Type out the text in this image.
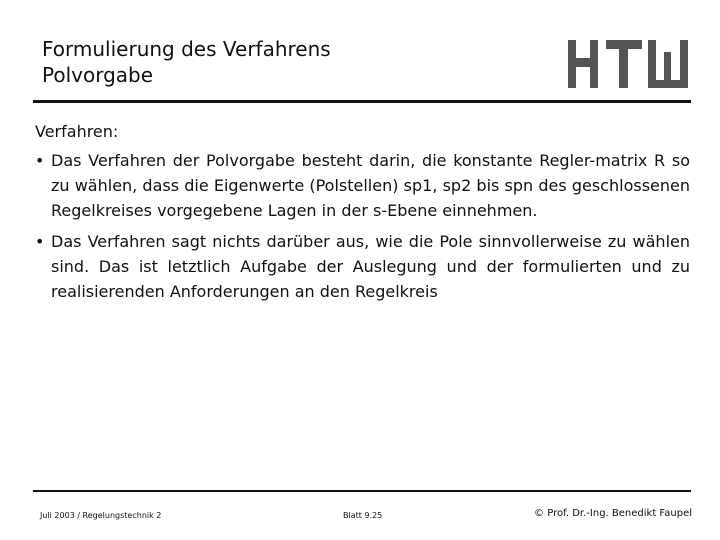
Formulierung des Verfahrens
Polvorgabe

Verfahren:

• Das Verfahren der Polvorgabe besteht darin, die konstante Regler-matrix R so zu wählen, dass die Eigenwerte (Polstellen) sp1, sp2 bis spn des geschlossenen Regelkreises vorgegebene Lagen in der s-Ebene einnehmen.
• Das Verfahren sagt nichts darüber aus, wie die Pole sinnvollerweise zu wählen sind. Das ist letztlich Aufgabe der Auslegung und der formulierten und zu realisierenden Anforderungen an den Regelkreis
Juli 2003 / Regelungstechnik 2	Blatt 9.25	© Prof. Dr.-Ing. Benedikt Faupel
